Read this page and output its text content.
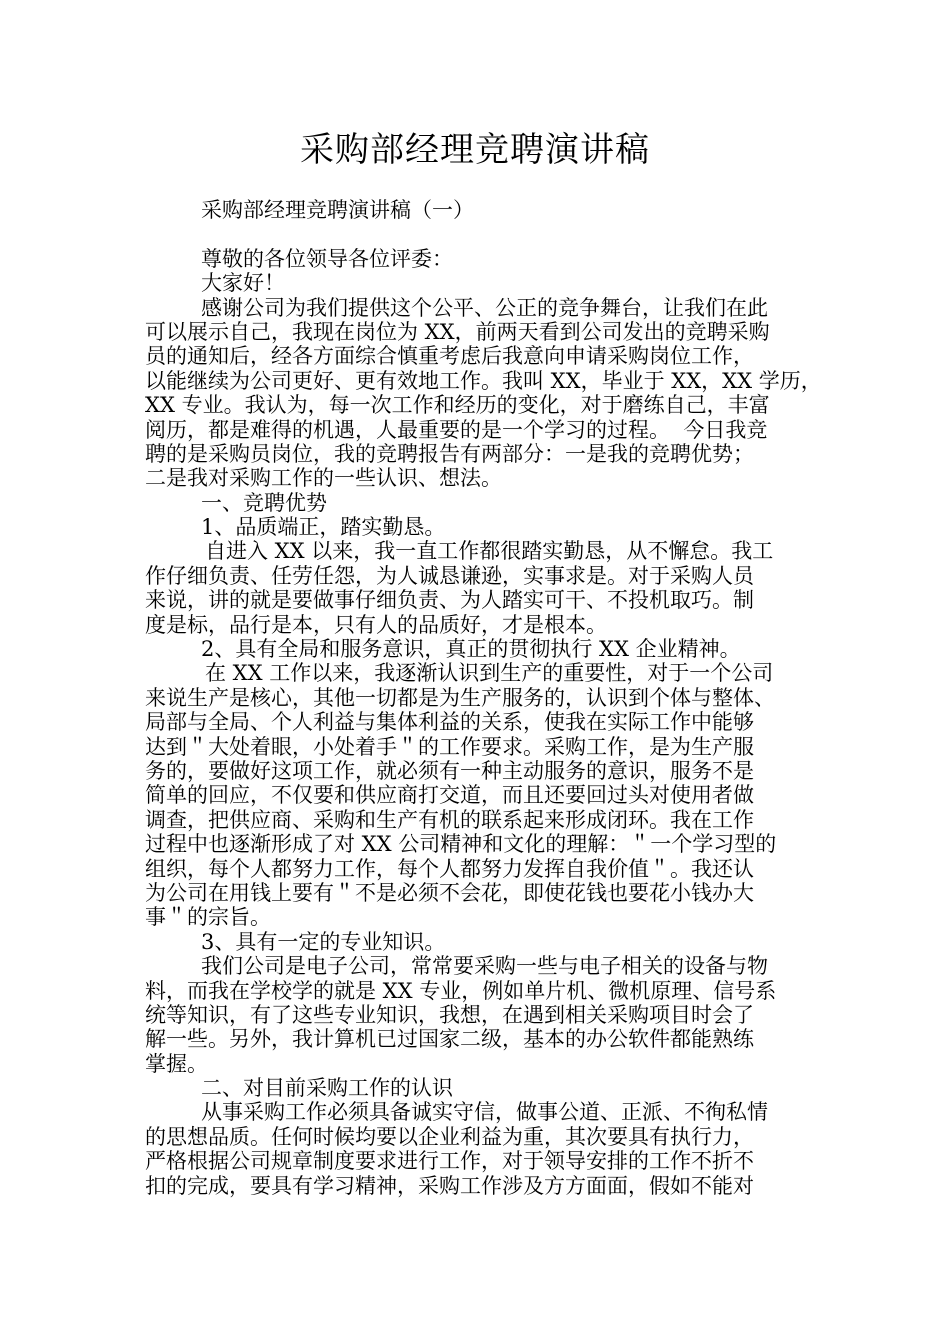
采购部经理竞聘演讲稿
采购部经理竞聘演讲稿（一）
尊敬的各位领导各位评委：
大家好！
感谢公司为我们提供这个公平、公正的竞争舞台，让我们在此
可以展示自己，我现在岗位为 XX，前两天看到公司发出的竞聘采购
员的通知后，经各方面综合慎重考虑后我意向申请采购岗位工作，
以能继续为公司更好、更有效地工作。我叫 XX，毕业于 XX，XX 学历，
XX 专业。我认为，每一次工作和经历的变化，对于磨练自己，丰富
阅历，都是难得的机遇，人最重要的是一个学习的过程。  今日我竞
聘的是采购员岗位，我的竞聘报告有两部分：一是我的竞聘优势；
二是我对采购工作的一些认识、想法。
一、竞聘优势
1、品质端正，踏实勤恳。
自进入 XX 以来，我一直工作都很踏实勤恳，从不懈怠。我工
作仔细负责、任劳任怨，为人诚恳谦逊，实事求是。对于采购人员
来说，讲的就是要做事仔细负责、为人踏实可干、不投机取巧。制
度是标，品行是本，只有人的品质好，才是根本。
2、具有全局和服务意识，真正的贯彻执行 XX 企业精神。
在 XX 工作以来，我逐渐认识到生产的重要性，对于一个公司
来说生产是核心，其他一切都是为生产服务的，认识到个体与整体、
局部与全局、个人利益与集体利益的关系，使我在实际工作中能够
达到＂大处着眼，小处着手＂的工作要求。采购工作，是为生产服
务的，要做好这项工作，就必须有一种主动服务的意识，服务不是
简单的回应，不仅要和供应商打交道，而且还要回过头对使用者做
调查，把供应商、采购和生产有机的联系起来形成闭环。我在工作
过程中也逐渐形成了对 XX 公司精神和文化的理解：＂一个学习型的
组织，每个人都努力工作，每个人都努力发挥自我价值＂。我还认
为公司在用钱上要有＂不是必须不会花，即使花钱也要花小钱办大
事＂的宗旨。
3、具有一定的专业知识。
我们公司是电子公司，常常要采购一些与电子相关的设备与物
料，而我在学校学的就是 XX 专业，例如单片机、微机原理、信号系
统等知识，有了这些专业知识，我想，在遇到相关采购项目时会了
解一些。另外，我计算机已过国家二级，基本的办公软件都能熟练
掌握。
二、对目前采购工作的认识
从事采购工作必须具备诚实守信，做事公道、正派、不徇私情
的思想品质。任何时候均要以企业利益为重，其次要具有执行力，
严格根据公司规章制度要求进行工作，对于领导安排的工作不折不
扣的完成，要具有学习精神，采购工作涉及方方面面，假如不能对
